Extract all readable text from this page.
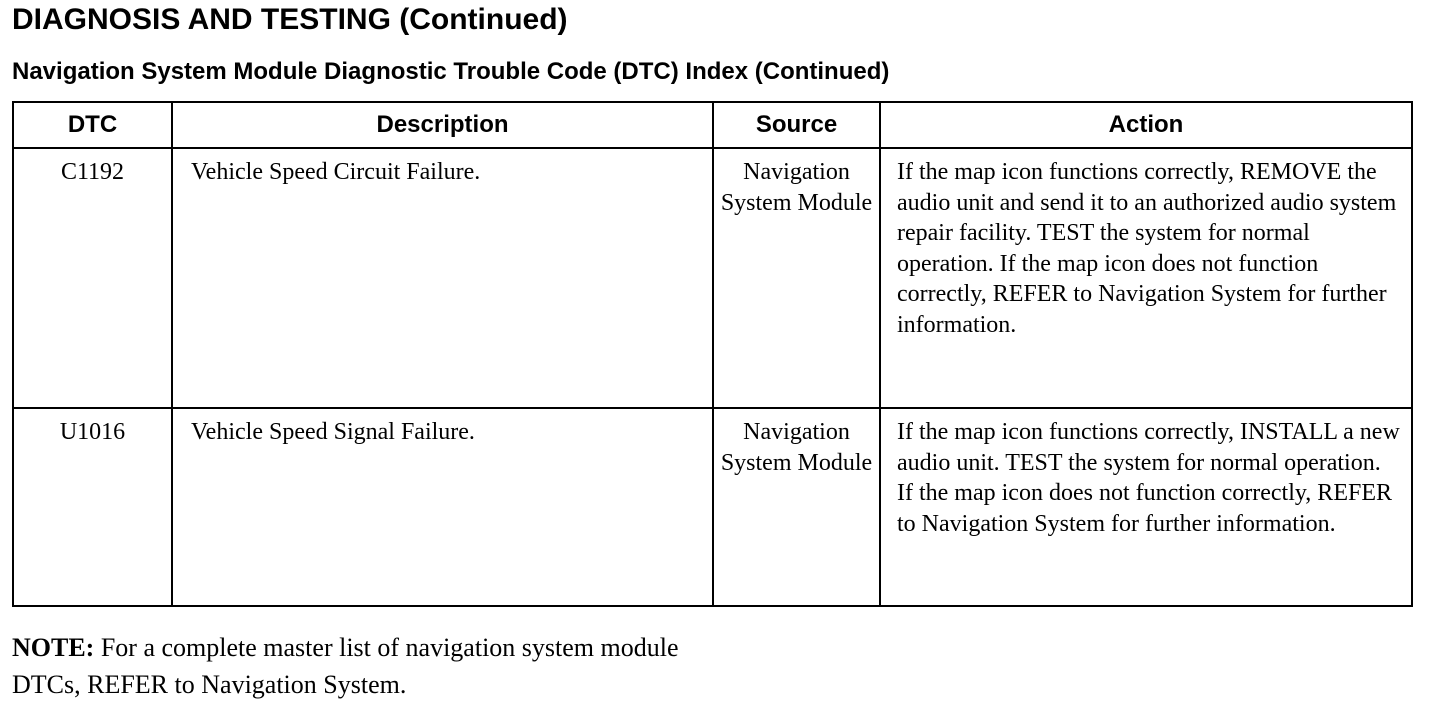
DIAGNOSIS AND TESTING (Continued)
Navigation System Module Diagnostic Trouble Code (DTC) Index (Continued)
DTC	Description	Source	Action
C1192	Vehicle Speed Circuit Failure.	Navigation System Module	If the map icon functions correctly, REMOVE the audio unit and send it to an authorized audio system repair facility. TEST the system for normal operation. If the map icon does not function correctly, REFER to Navigation System for further information.
U1016	Vehicle Speed Signal Failure.	Navigation System Module	If the map icon functions correctly, INSTALL a new audio unit. TEST the system for normal operation. If the map icon does not function correctly, REFER to Navigation System for further information.
NOTE: For a complete master list of navigation system module DTCs, REFER to Navigation System.
